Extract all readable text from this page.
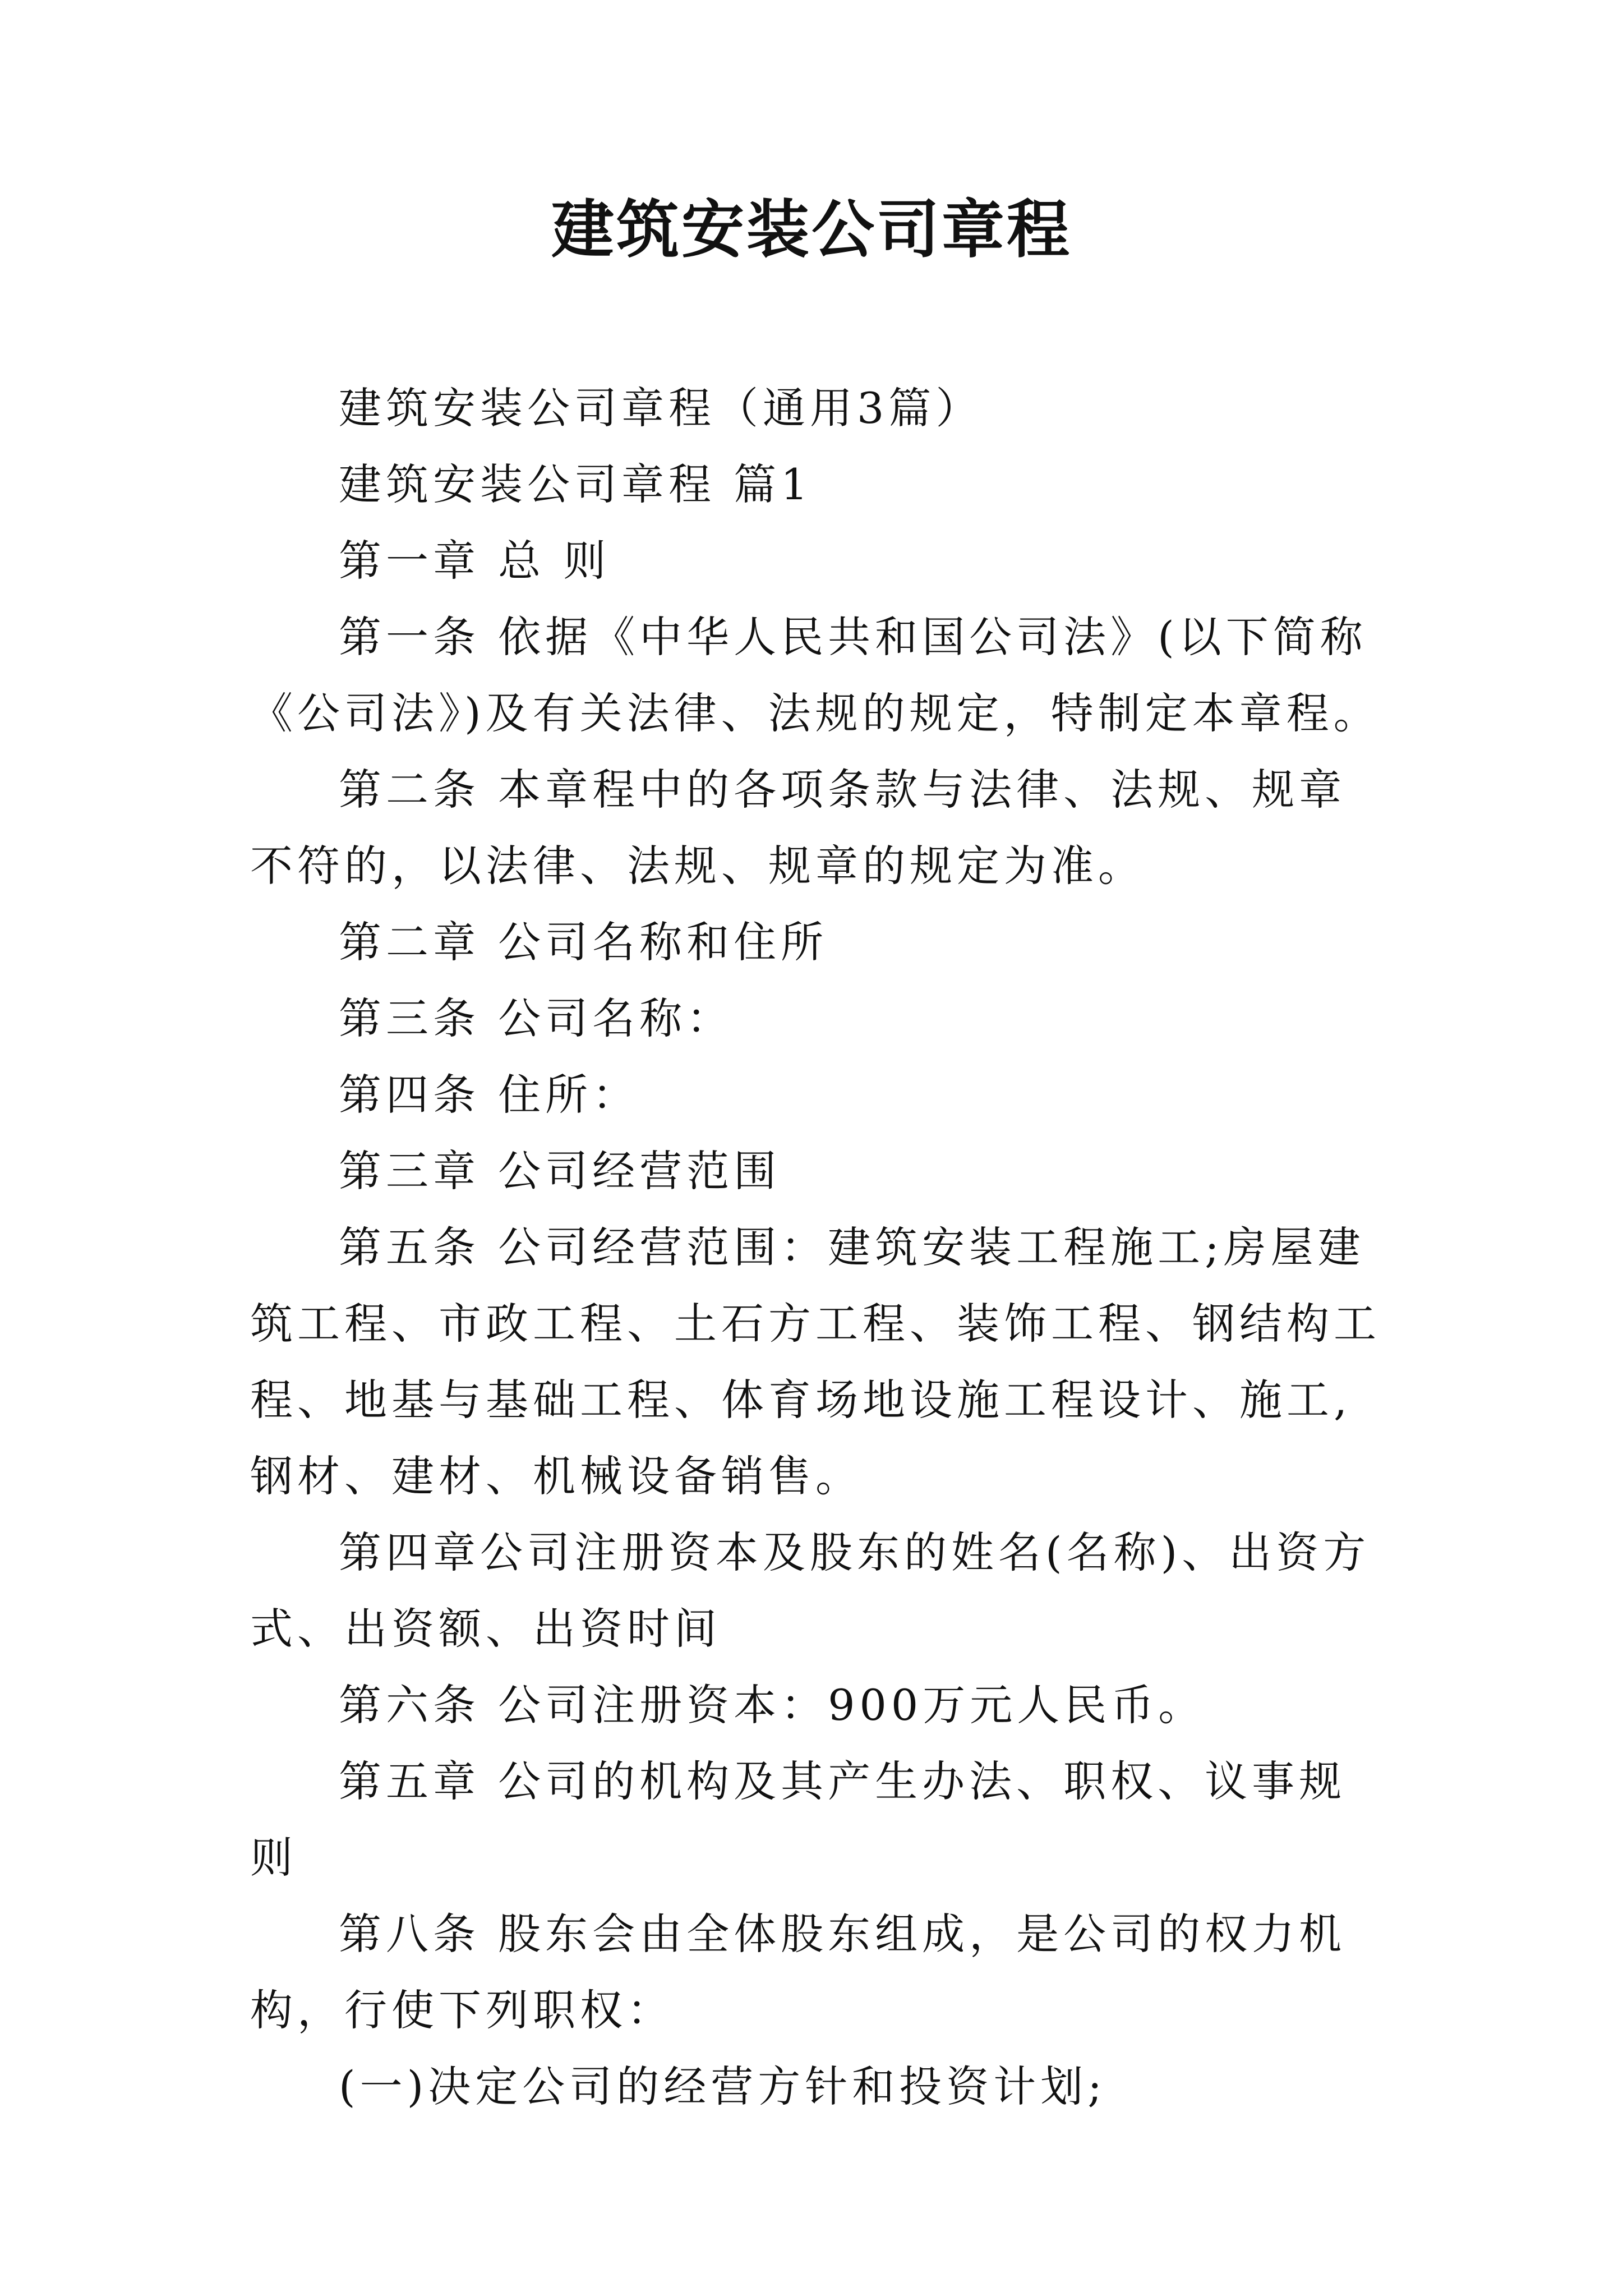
建筑安装公司章程

建筑安装公司章程（通用3篇）

建筑安装公司章程 篇1

第一章 总 则

第一条 依据《中华人民共和国公司法》(以下简称《公司法》)及有关法律、法规的规定，特制定本章程。

第二条 本章程中的各项条款与法律、法规、规章不符的，以法律、法规、规章的规定为准。

第二章 公司名称和住所

第三条 公司名称：

第四条 住所：

第三章 公司经营范围

第五条 公司经营范围：建筑安装工程施工;房屋建筑工程、市政工程、土石方工程、装饰工程、钢结构工程、地基与基础工程、体育场地设施工程设计、施工,钢材、建材、机械设备销售。

第四章公司注册资本及股东的姓名(名称)、出资方式、出资额、出资时间

第六条 公司注册资本：900万元人民币。

第五章 公司的机构及其产生办法、职权、议事规则

第八条 股东会由全体股东组成，是公司的权力机构，行使下列职权：

(一)决定公司的经营方针和投资计划;
